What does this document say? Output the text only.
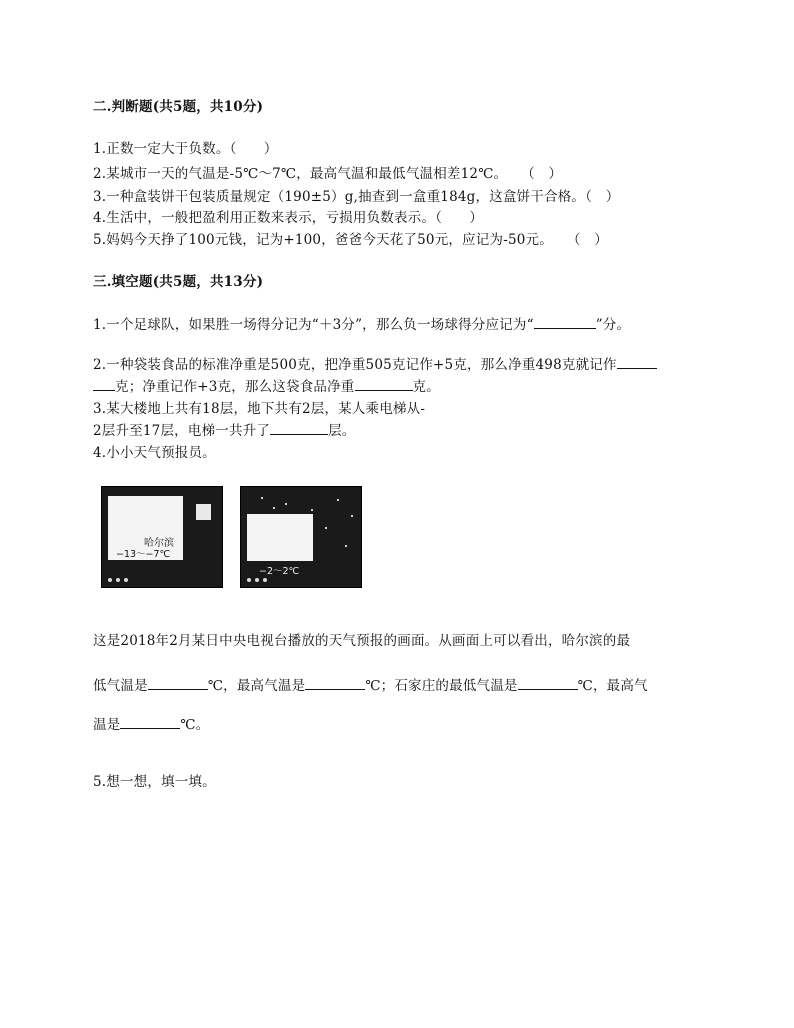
二.判断题(共5题，共10分)
1.正数一定大于负数。（　　）
2.某城市一天的气温是-5℃～7℃，最高气温和最低气温相差12℃。　　（　）
3.一种盒装饼干包装质量规定（190±5）g,抽查到一盒重184g，这盒饼干合格。（　）
4.生活中，一般把盈利用正数来表示，亏损用负数表示。（　　）
5.妈妈今天挣了100元钱，记为+100，爸爸今天花了50元，应记为-50元。　　（　）
三.填空题(共5题，共13分)
1.一个足球队，如果胜一场得分记为“＋3分”，那么负一场球得分应记为“	”分。
2.一种袋装食品的标准净重是500克，把净重505克记作+5克，那么净重498克就记作
克；净重记作+3克，那么这袋食品净重	克。
3.某大楼地上共有18层，地下共有2层，某人乘电梯从-
2层升至17层，电梯一共升了	层。
4.小小天气预报员。
哈尔滨
−13～−7℃
−2～2℃
这是2018年2月某日中央电视台播放的天气预报的画面。从画面上可以看出，哈尔滨的最
低气温是	℃，最高气温是	℃；石家庄的最低气温是	℃，最高气
温是	℃。
5.想一想，填一填。
